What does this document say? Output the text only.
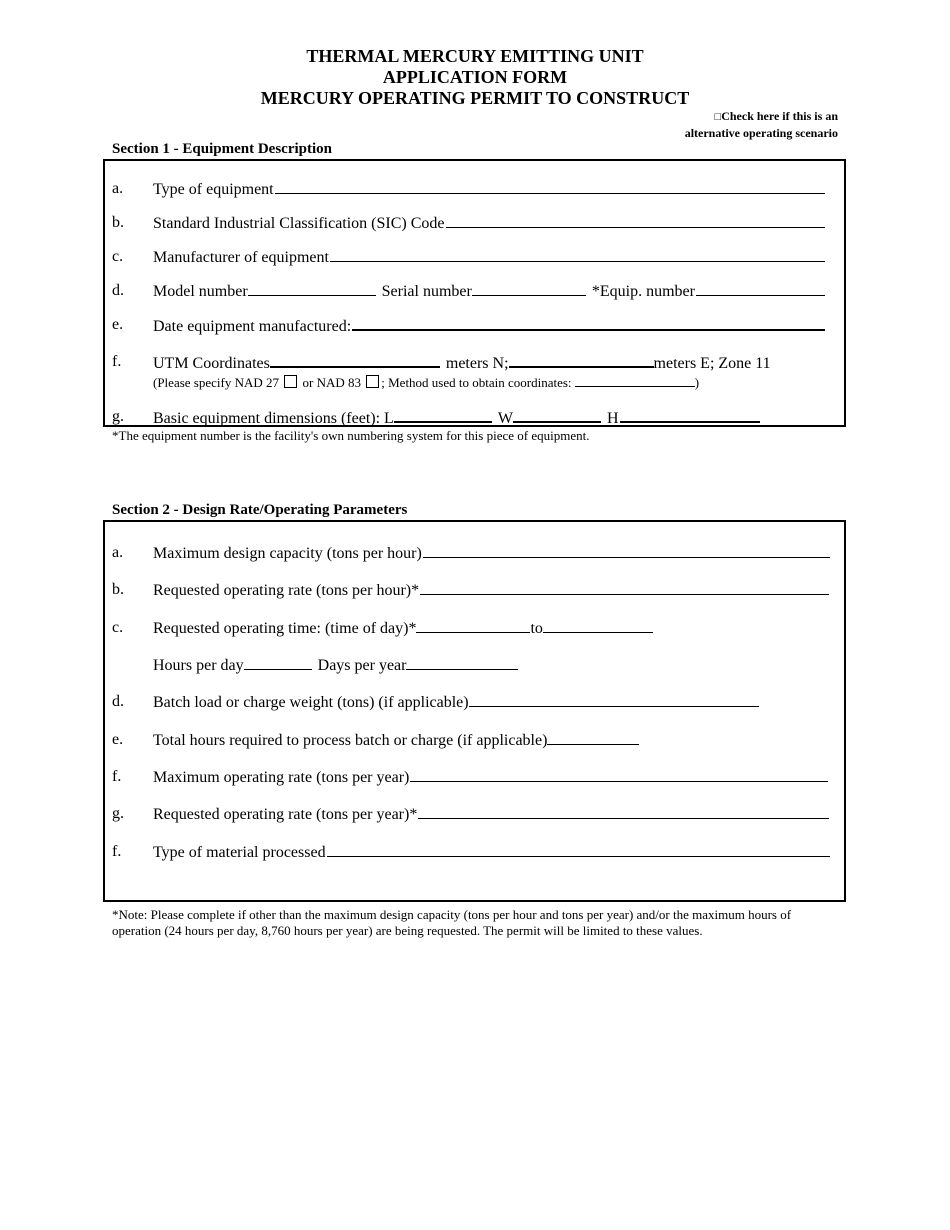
THERMAL MERCURY EMITTING UNIT
APPLICATION FORM
MERCURY OPERATING PERMIT TO CONSTRUCT
□Check here if this is an
alternative operating scenario
Section 1 - Equipment Description
a. Type of equipment
b. Standard Industrial Classification (SIC) Code
c. Manufacturer of equipment
d. Model number	Serial number	*Equip. number
e. Date equipment manufactured:
f. UTM Coordinates	meters N;	meters E; Zone 11
(Please specify NAD 27 or NAD 83 ; Method used to obtain coordinates:	)
g. Basic equipment dimensions (feet): L	W	H
*The equipment number is the facility's own numbering system for this piece of equipment.
Section 2 - Design Rate/Operating Parameters
a. Maximum design capacity (tons per hour)
b. Requested operating rate (tons per hour)*
c. Requested operating time: (time of day)*	to
Hours per day	Days per year
d. Batch load or charge weight (tons) (if applicable)
e. Total hours required to process batch or charge (if applicable)
f. Maximum operating rate (tons per year)
g. Requested operating rate (tons per year)*
f. Type of material processed
*Note: Please complete if other than the maximum design capacity (tons per hour and tons per year) and/or the maximum hours of
operation (24 hours per day, 8,760 hours per year) are being requested. The permit will be limited to these values.
